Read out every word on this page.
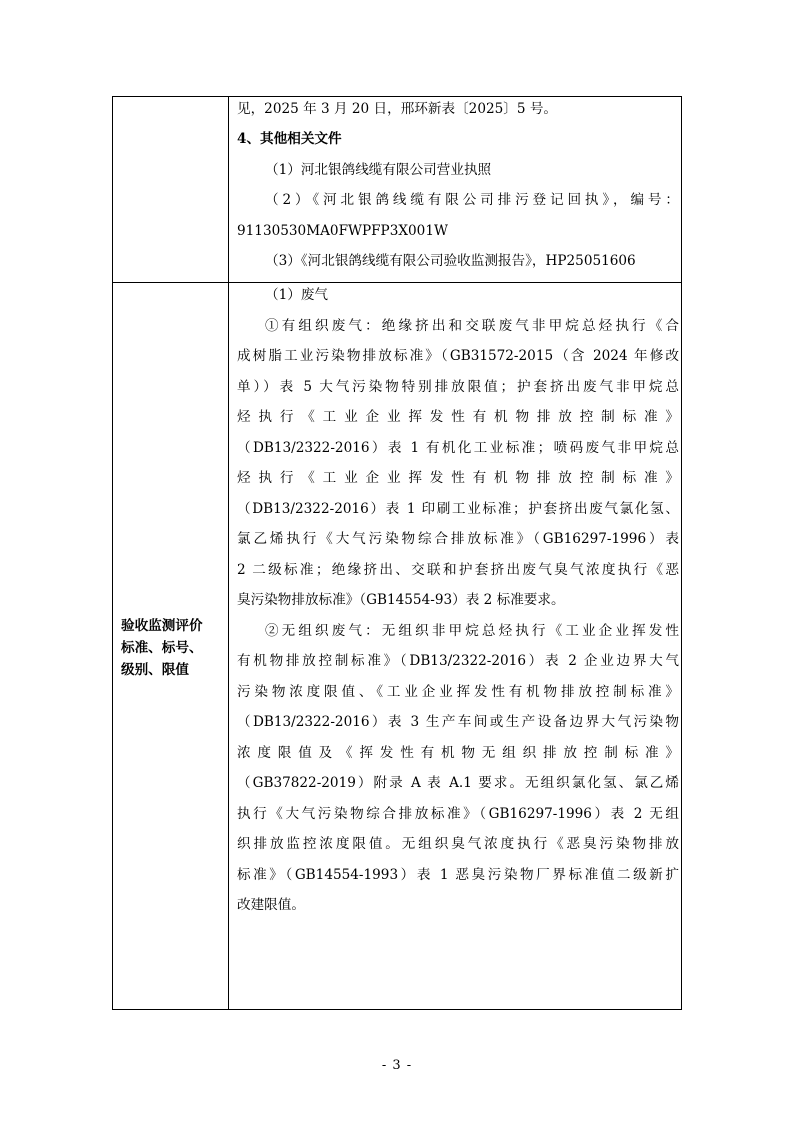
见，2025 年 3 月 20 日，邢环新表〔2025〕5 号。
4、其他相关文件
（1）河北银鸽线缆有限公司营业执照
（2）《河北银鸽线缆有限公司排污登记回执》，编号：
91130530MA0FWPFP3X001W
（3）《河北银鸽线缆有限公司验收监测报告》，HP25051606
验收监测评价
标准、标号、
级别、限值
（1）废气
①有组织废气：绝缘挤出和交联废气非甲烷总烃执行《合
成树脂工业污染物排放标准》（GB31572-2015（含 2024 年修改
单））表 5 大气污染物特别排放限值；护套挤出废气非甲烷总
烃执行《工业企业挥发性有机物排放控制标准》
（DB13/2322-2016）表 1 有机化工业标准；喷码废气非甲烷总
烃执行《工业企业挥发性有机物排放控制标准》
（DB13/2322-2016）表 1 印刷工业标准；护套挤出废气氯化氢、
氯乙烯执行《大气污染物综合排放标准》（GB16297-1996）表
2 二级标准；绝缘挤出、交联和护套挤出废气臭气浓度执行《恶
臭污染物排放标准》（GB14554-93）表 2 标准要求。
②无组织废气：无组织非甲烷总烃执行《工业企业挥发性
有机物排放控制标准》（DB13/2322-2016）表 2 企业边界大气
污染物浓度限值、《工业企业挥发性有机物排放控制标准》
（DB13/2322-2016）表 3 生产车间或生产设备边界大气污染物
浓度限值及《挥发性有机物无组织排放控制标准》
（GB37822-2019）附录 A 表 A.1 要求。无组织氯化氢、氯乙烯
执行《大气污染物综合排放标准》（GB16297-1996）表 2 无组
织排放监控浓度限值。无组织臭气浓度执行《恶臭污染物排放
标准》（GB14554-1993）表 1 恶臭污染物厂界标准值二级新扩
改建限值。
- 3 -
